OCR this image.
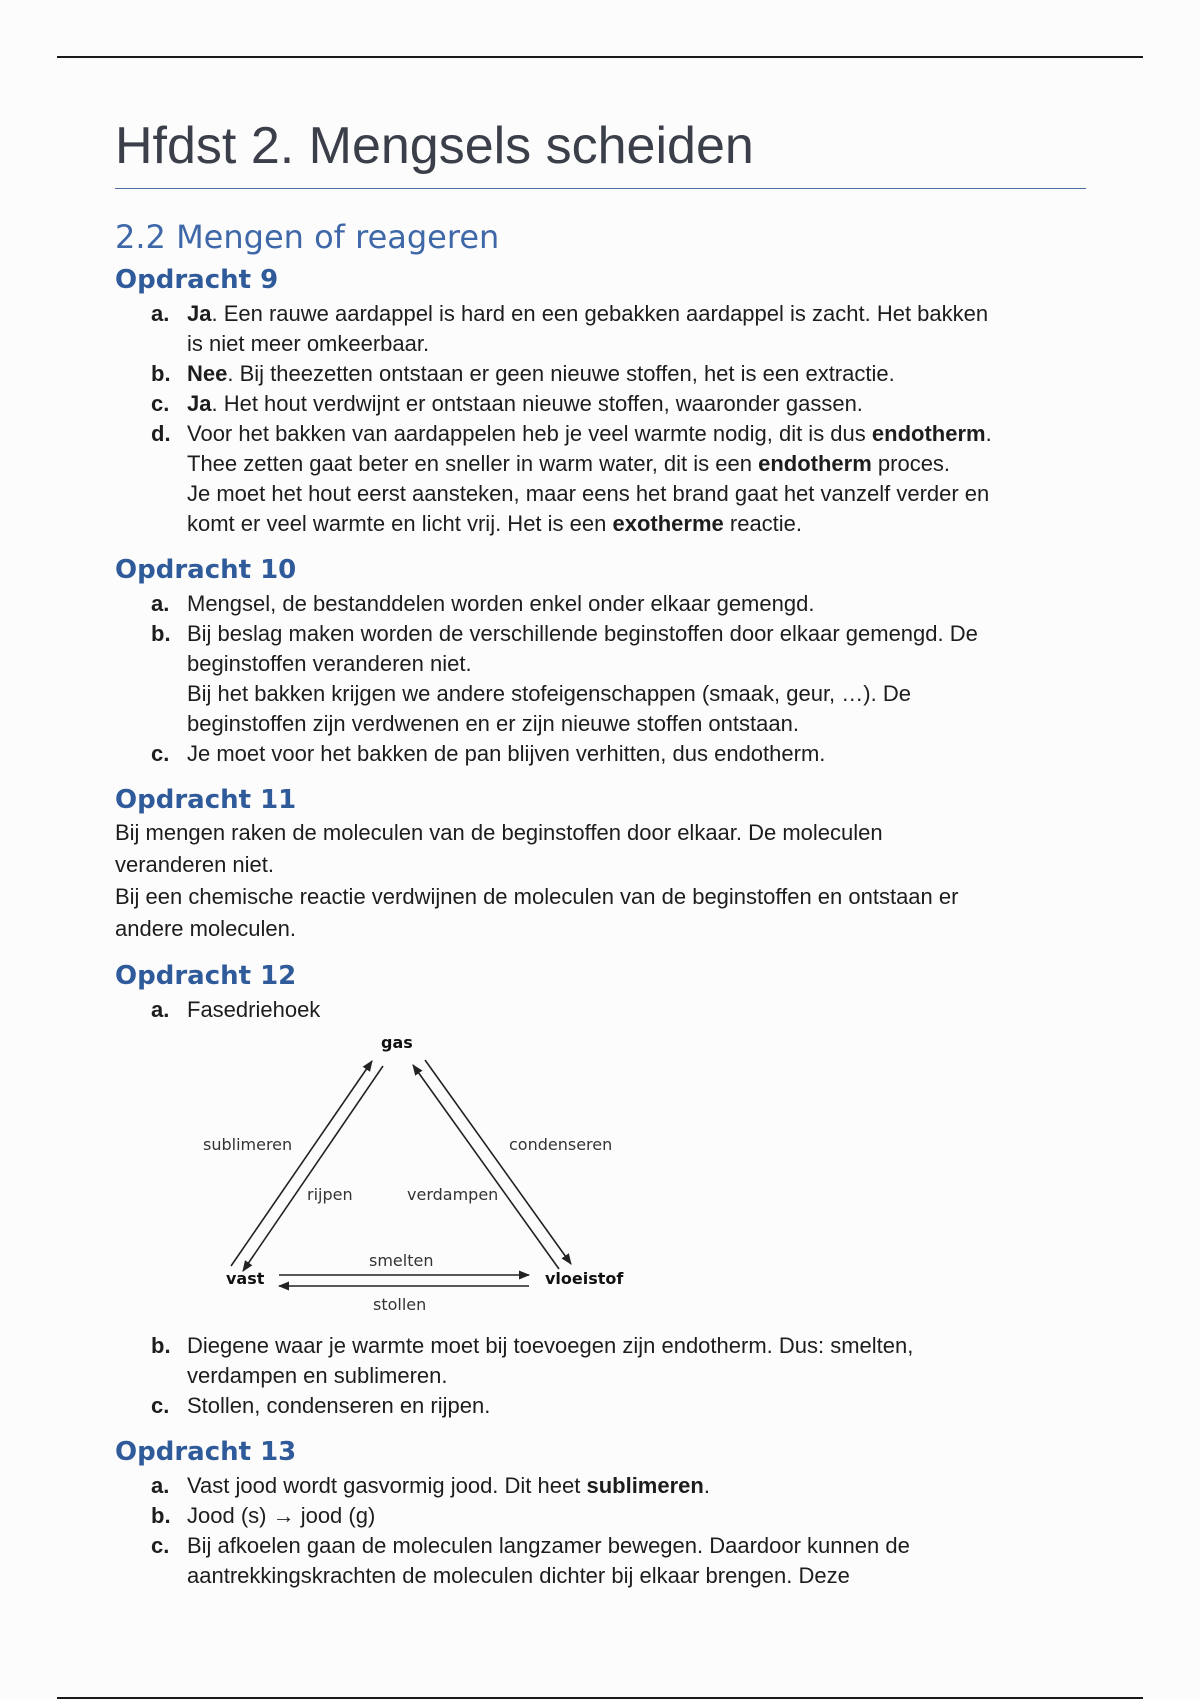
Hfdst 2. Mengsels scheiden
2.2 Mengen of reageren
Opdracht 9
a. Ja. Een rauwe aardappel is hard en een gebakken aardappel is zacht. Het bakken
is niet meer omkeerbaar.
b. Nee. Bij theezetten ontstaan er geen nieuwe stoffen, het is een extractie.
c. Ja. Het hout verdwijnt er ontstaan nieuwe stoffen, waaronder gassen.
d. Voor het bakken van aardappelen heb je veel warmte nodig, dit is dus endotherm.
Thee zetten gaat beter en sneller in warm water, dit is een endotherm proces.
Je moet het hout eerst aansteken, maar eens het brand gaat het vanzelf verder en
komt er veel warmte en licht vrij. Het is een exotherme reactie.
Opdracht 10
a. Mengsel, de bestanddelen worden enkel onder elkaar gemengd.
b. Bij beslag maken worden de verschillende beginstoffen door elkaar gemengd. De
beginstoffen veranderen niet.
Bij het bakken krijgen we andere stofeigenschappen (smaak, geur, …). De
beginstoffen zijn verdwenen en er zijn nieuwe stoffen ontstaan.
c. Je moet voor het bakken de pan blijven verhitten, dus endotherm.
Opdracht 11

Bij mengen raken de moleculen van de beginstoffen door elkaar. De moleculen

veranderen niet.

Bij een chemische reactie verdwijnen de moleculen van de beginstoffen en ontstaan er

andere moleculen.

Opdracht 12
a. Fasedriehoek
gas
vast	vloeistof
sublimeren
rijpen
condenseren
verdampen
smelten
stollen
b. Diegene waar je warmte moet bij toevoegen zijn endotherm. Dus: smelten,
verdampen en sublimeren.
c. Stollen, condenseren en rijpen.
Opdracht 13
a. Vast jood wordt gasvormig jood. Dit heet sublimeren.
b. Jood (s) → jood (g)
c. Bij afkoelen gaan de moleculen langzamer bewegen. Daardoor kunnen de
aantrekkingskrachten de moleculen dichter bij elkaar brengen. Deze
